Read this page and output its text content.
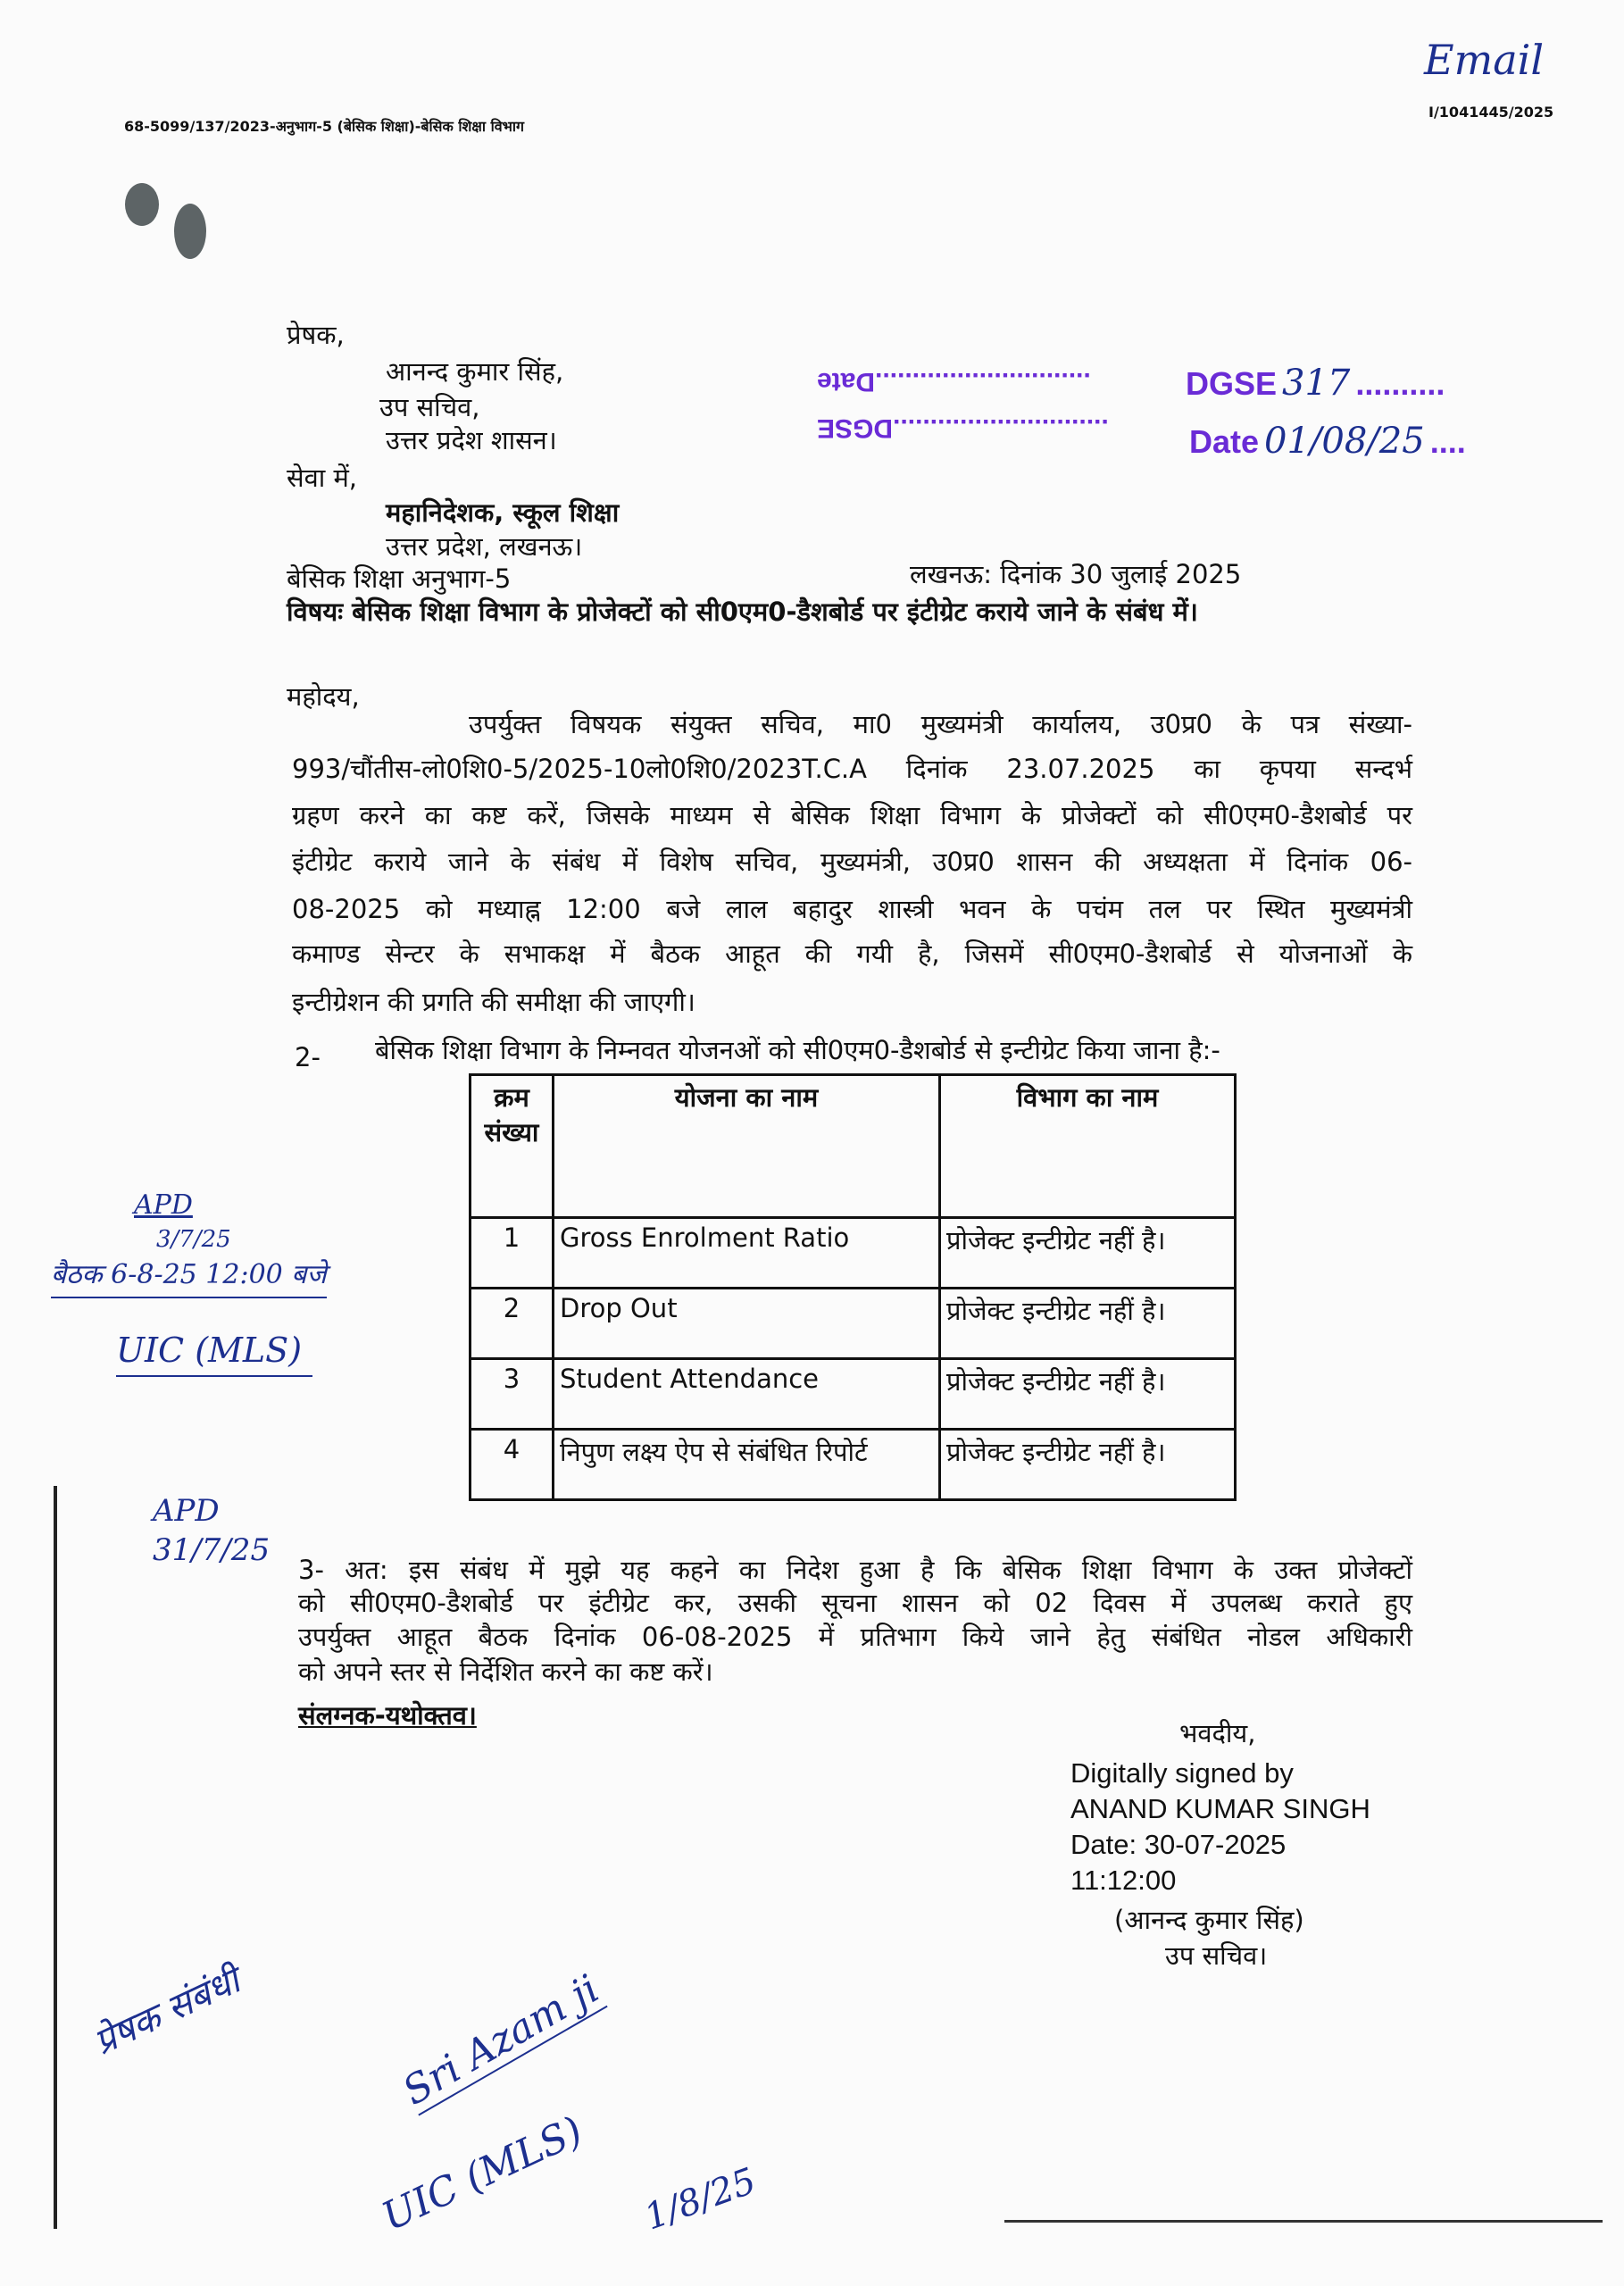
68-5099/137/2023-अनुभाग-5 (बेसिक शिक्षा)-बेसिक शिक्षा विभाग
I/1041445/2025
Email
.............................Date
.............................DGSE
DGSE 317 ..........
Date 01/08/25 ....
प्रेषक,
आनन्द कुमार सिंह,
उप सचिव,
उत्तर प्रदेश शासन।
सेवा में,
महानिदेशक, स्कूल शिक्षा
उत्तर प्रदेश, लखनऊ।
बेसिक शिक्षा अनुभाग-5	लखनऊ: दिनांक 30 जुलाई 2025
विषयः बेसिक शिक्षा विभाग के प्रोजेक्टों को सी0एम0-डैशबोर्ड पर इंटीग्रेट कराये जाने के संबंध में।
महोदय,
उपर्युक्त विषयक संयुक्त सचिव, मा0 मुख्यमंत्री कार्यालय, उ0प्र0 के पत्र संख्या-
993/चौंतीस-लो0शि0-5/2025-10लो0शि0/2023T.C.A दिनांक 23.07.2025 का कृपया सन्दर्भ
ग्रहण करने का कष्ट करें, जिसके माध्यम से बेसिक शिक्षा विभाग के प्रोजेक्टों को सी0एम0-डैशबोर्ड पर
इंटीग्रेट कराये जाने के संबंध में विशेष सचिव, मुख्यमंत्री, उ0प्र0 शासन की अध्यक्षता में दिनांक 06-
08-2025 को मध्याह्न 12:00 बजे लाल बहादुर शास्त्री भवन के पचंम तल पर स्थित मुख्यमंत्री
कमाण्ड सेन्टर के सभाकक्ष में बैठक आहूत की गयी है, जिसमें सी0एम0-डैशबोर्ड से योजनाओं के
इन्टीग्रेशन की प्रगति की समीक्षा की जाएगी।
2- बेसिक शिक्षा विभाग के निम्नवत योजनओं को सी0एम0-डैशबोर्ड से इन्टीग्रेट किया जाना है:-
क्रम संख्या	योजना का नाम	विभाग का नाम
1	Gross Enrolment Ratio	प्रोजेक्ट इन्टीग्रेट नहीं है।
2	Drop Out	प्रोजेक्ट इन्टीग्रेट नहीं है।
3	Student Attendance	प्रोजेक्ट इन्टीग्रेट नहीं है।
4	निपुण लक्ष्य ऐप से संबंधित रिपोर्ट	प्रोजेक्ट इन्टीग्रेट नहीं है।
3- अत: इस संबंध में मुझे यह कहने का निदेश हुआ है कि बेसिक शिक्षा विभाग के उक्त प्रोजेक्टों
को सी0एम0-डैशबोर्ड पर इंटीग्रेट कर, उसकी सूचना शासन को 02 दिवस में उपलब्ध कराते हुए
उपर्युक्त आहूत बैठक दिनांक 06-08-2025 में प्रतिभाग किये जाने हेतु संबंधित नोडल अधिकारी
को अपने स्तर से निर्देशित करने का कष्ट करें।
संलग्नक-यथोक्तव।
भवदीय,
Digitally signed by
ANAND KUMAR SINGH
Date: 30-07-2025
11:12:00
(आनन्द कुमार सिंह)
उप सचिव।
APD
3/7/25
बैठक 6-8-25 12:00 बजे
UIC (MLS)
APD
31/7/25
प्रेषक संबंधी	Sri Azam ji
UIC (MLS) 1/8/25
